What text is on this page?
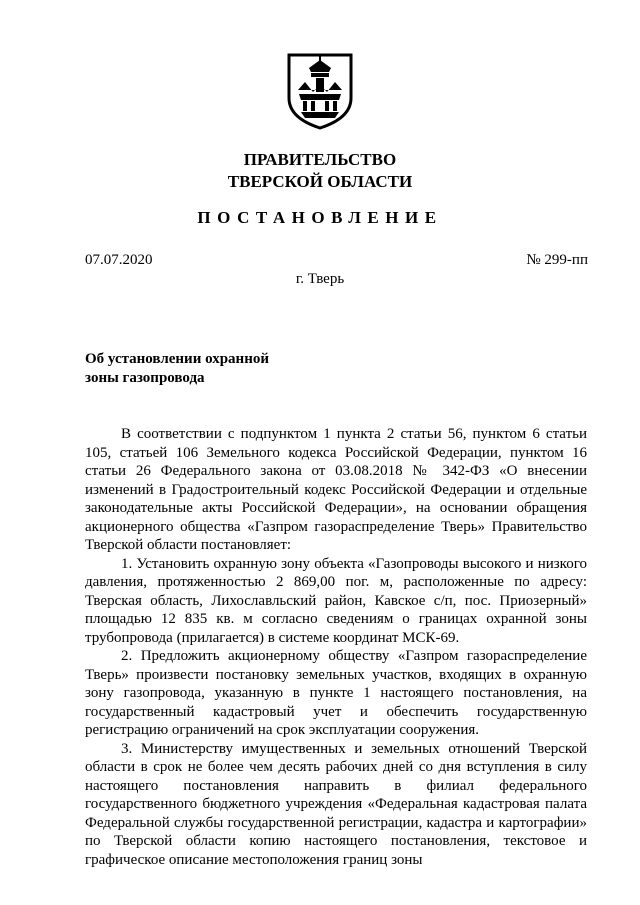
ПРАВИТЕЛЬСТВО
ТВЕРСКОЙ ОБЛАСТИ
ПОСТАНОВЛЕНИЕ
07.07.2020	№ 299-пп
г. Тверь
Об установлении охранной
зоны газопровода

В соответствии с подпунктом 1 пункта 2 статьи 56, пунктом 6 статьи 105, статьей 106 Земельного кодекса Российской Федерации, пунктом 16 статьи 26 Федерального закона от 03.08.2018 № 342-ФЗ «О внесении изменений в Градостроительный кодекс Российской Федерации и отдельные законодательные акты Российской Федерации», на основании обращения акционерного общества «Газпром газораспределение Тверь» Правительство Тверской области постановляет:

1. Установить охранную зону объекта «Газопроводы высокого и низкого давления, протяженностью 2 869,00 пог. м, расположенные по адресу: Тверская область, Лихославльский район, Кавское с/п, пос. Приозерный» площадью 12 835 кв. м согласно сведениям о границах охранной зоны трубопровода (прилагается) в системе координат МСК-69.

2. Предложить акционерному обществу «Газпром газораспределение Тверь» произвести постановку земельных участков, входящих в охранную зону газопровода, указанную в пункте 1 настоящего постановления, на государственный кадастровый учет и обеспечить государственную регистрацию ограничений на срок эксплуатации сооружения.

3. Министерству имущественных и земельных отношений Тверской области в срок не более чем десять рабочих дней со дня вступления в силу настоящего постановления направить в филиал федерального государственного бюджетного учреждения «Федеральная кадастровая палата Федеральной службы государственной регистрации, кадастра и картографии» по Тверской области копию настоящего постановления, текстовое и графическое описание местоположения границ зоны
